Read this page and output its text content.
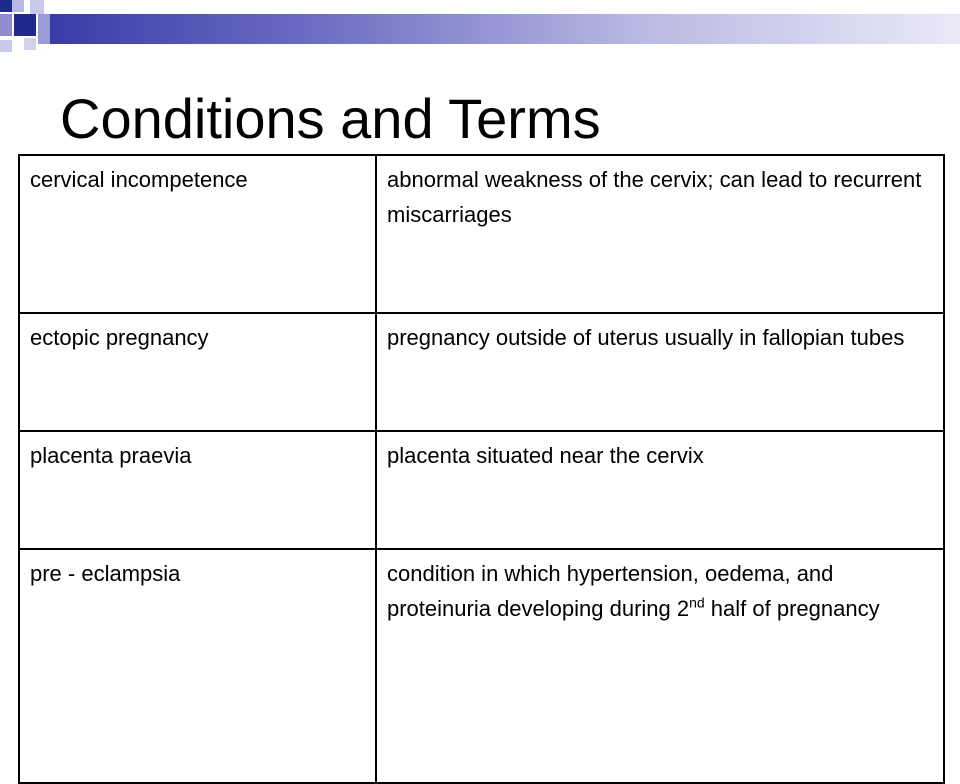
Conditions and Terms
cervical incompetence	abnormal weakness of the cervix; can lead to recurrent miscarriages
ectopic pregnancy	pregnancy outside of uterus usually in fallopian tubes
placenta praevia	placenta situated near the cervix
pre - eclampsia	condition in which hypertension, oedema, and proteinuria developing during 2nd half of pregnancy
